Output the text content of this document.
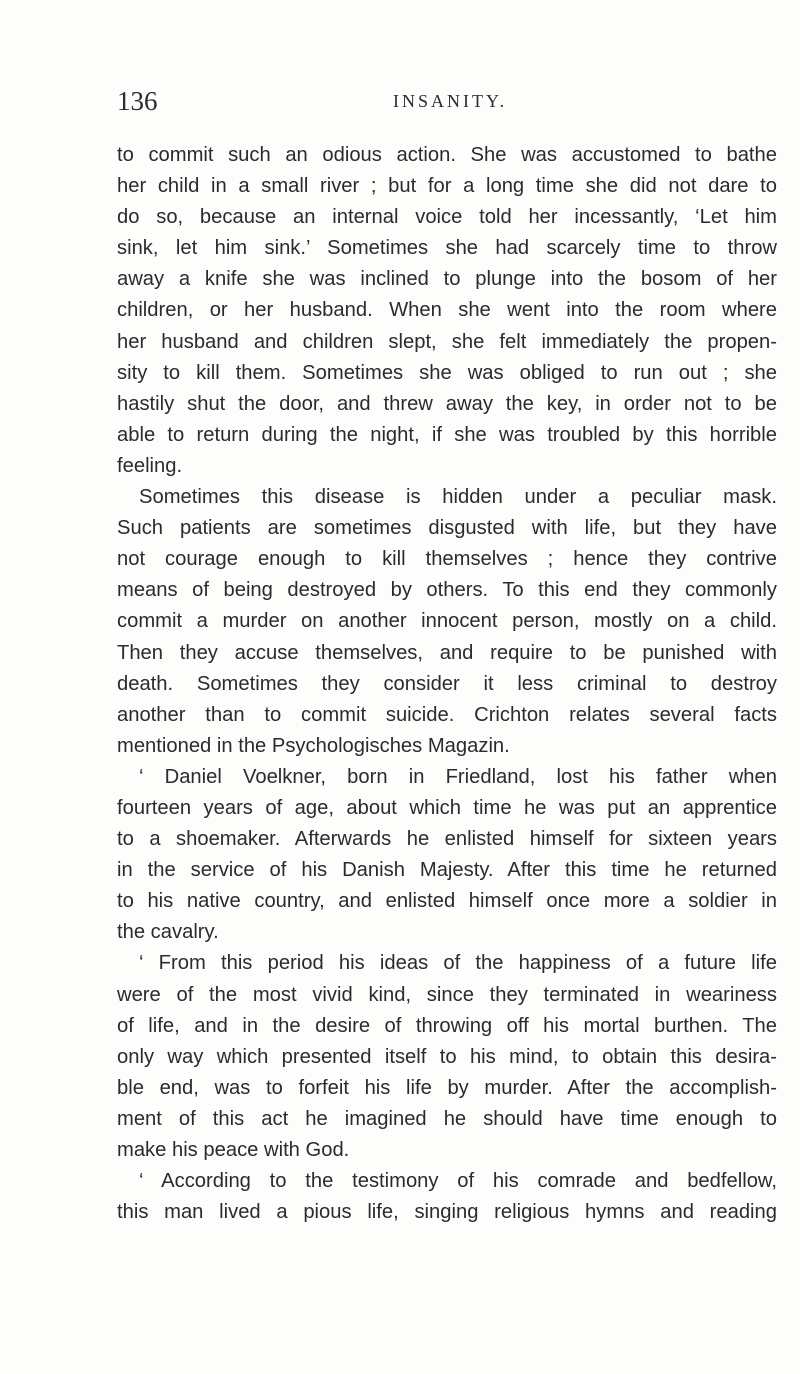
136	INSANITY.
to commit such an odious action. She was accustomed to bathe
her child in a small river ; but for a long time she did not dare to
do so, because an internal voice told her incessantly, ‘Let him
sink, let him sink.’ Sometimes she had scarcely time to throw
away a knife she was inclined to plunge into the bosom of her
children, or her husband. When she went into the room where
her husband and children slept, she felt immediately the propen-
sity to kill them. Sometimes she was obliged to run out ; she
hastily shut the door, and threw away the key, in order not to be
able to return during the night, if she was troubled by this horrible
feeling.
Sometimes this disease is hidden under a peculiar mask.
Such patients are sometimes disgusted with life, but they have
not courage enough to kill themselves ; hence they contrive
means of being destroyed by others. To this end they commonly
commit a murder on another innocent person, mostly on a child.
Then they accuse themselves, and require to be punished with
death. Sometimes they consider it less criminal to destroy
another than to commit suicide. Crichton relates several facts
mentioned in the Psychologisches Magazin.
‘ Daniel Voelkner, born in Friedland, lost his father when
fourteen years of age, about which time he was put an apprentice
to a shoemaker. Afterwards he enlisted himself for sixteen years
in the service of his Danish Majesty. After this time he returned
to his native country, and enlisted himself once more a soldier in
the cavalry.
‘ From this period his ideas of the happiness of a future life
were of the most vivid kind, since they terminated in weariness
of life, and in the desire of throwing off his mortal burthen. The
only way which presented itself to his mind, to obtain this desira-
ble end, was to forfeit his life by murder. After the accomplish-
ment of this act he imagined he should have time enough to
make his peace with God.
‘ According to the testimony of his comrade and bedfellow,
this man lived a pious life, singing religious hymns and reading
